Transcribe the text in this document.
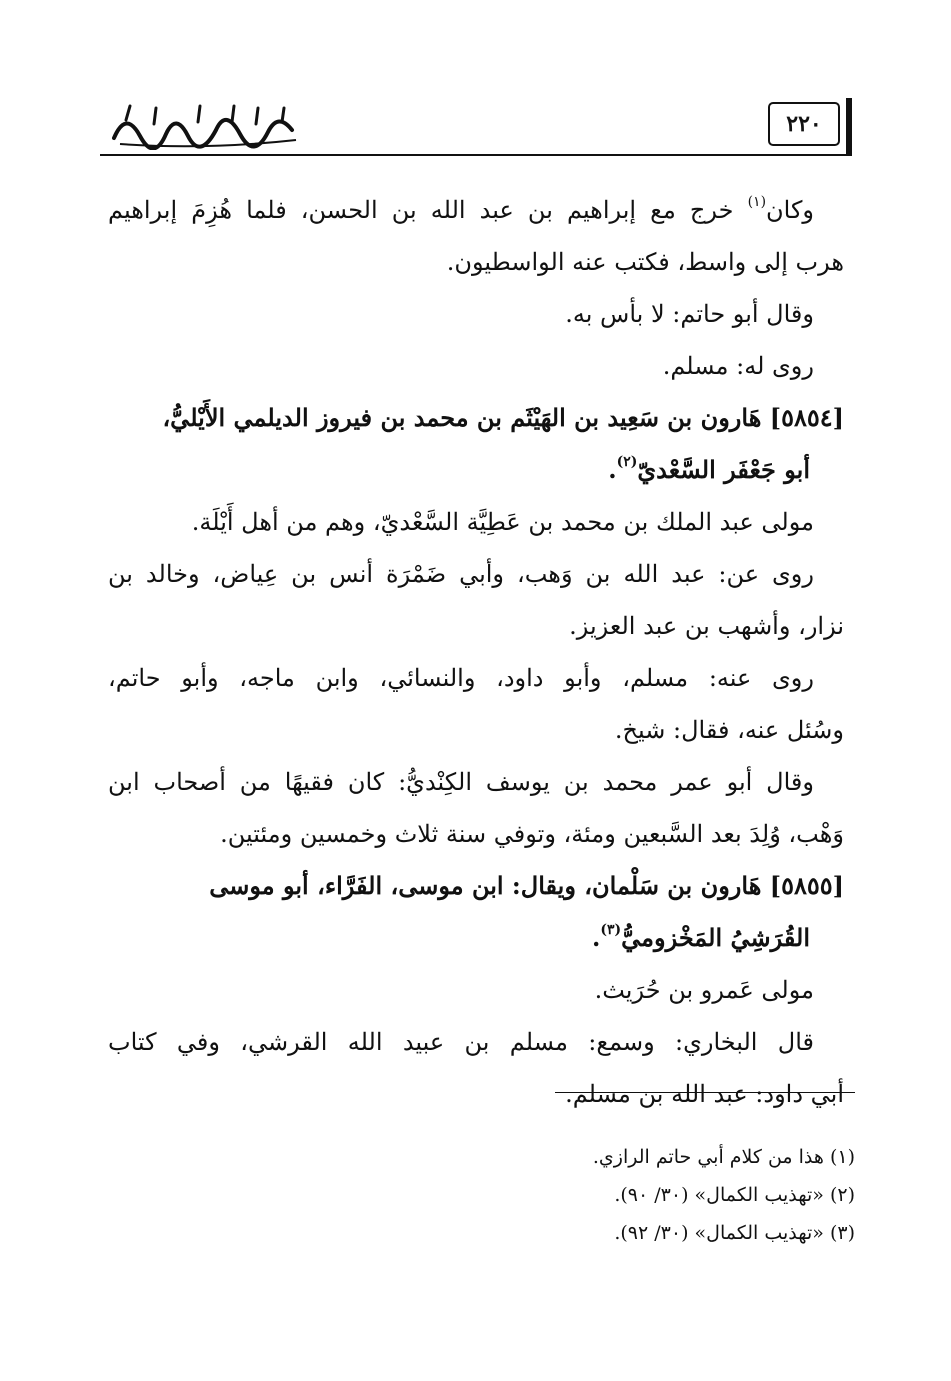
٢٢٠

وكان$^{(١)}$ خرج مع إبراهيم بن عبد الله بن الحسن، فلما هُزِمَ إبراهيم

هرب إلى واسط، فكتب عنه الواسطيون.

وقال أبو حاتم: لا بأس به.

روى له: مسلم.

[٥٨٥٤] هَارون بن سَعِيد بن الهَيْثَم بن محمد بن فيروز الديلمي الأَيْليُّ،

أبو جَعْفَر السَّعْديّ$^{(٢)}$.

مولى عبد الملك بن محمد بن عَطِيَّة السَّعْديّ، وهم من أهل أَيْلَة.

روى عن: عبد الله بن وَهب، وأبي ضَمْرَة أنس بن عِياض، وخالد بن

نزار، وأشهب بن عبد العزيز.

روى عنه: مسلم، وأبو داود، والنسائي، وابن ماجه، وأبو حاتم،

وسُئل عنه، فقال: شيخ.

وقال أبو عمر محمد بن يوسف الكِنْديُّ: كان فقيهًا من أصحاب ابن

وَهْب، وُلِدَ بعد السَّبعين ومئة، وتوفي سنة ثلاث وخمسين ومئتين.

[٥٨٥٥] هَارون بن سَلْمان، ويقال: ابن موسى، الفَرَّاء، أبو موسى

القُرَشِيُ المَخْزوميُّ$^{(٣)}$.

مولى عَمرو بن حُرَيث.

قال البخاري: وسمع: مسلم بن عبيد الله القرشي، وفي كتاب

أبي داود: عبد الله بن مسلم.

(١) هذا من كلام أبي حاتم الرازي.

(٢) «تهذيب الكمال» (٣٠/ ٩٠).

(٣) «تهذيب الكمال» (٣٠/ ٩٢).
